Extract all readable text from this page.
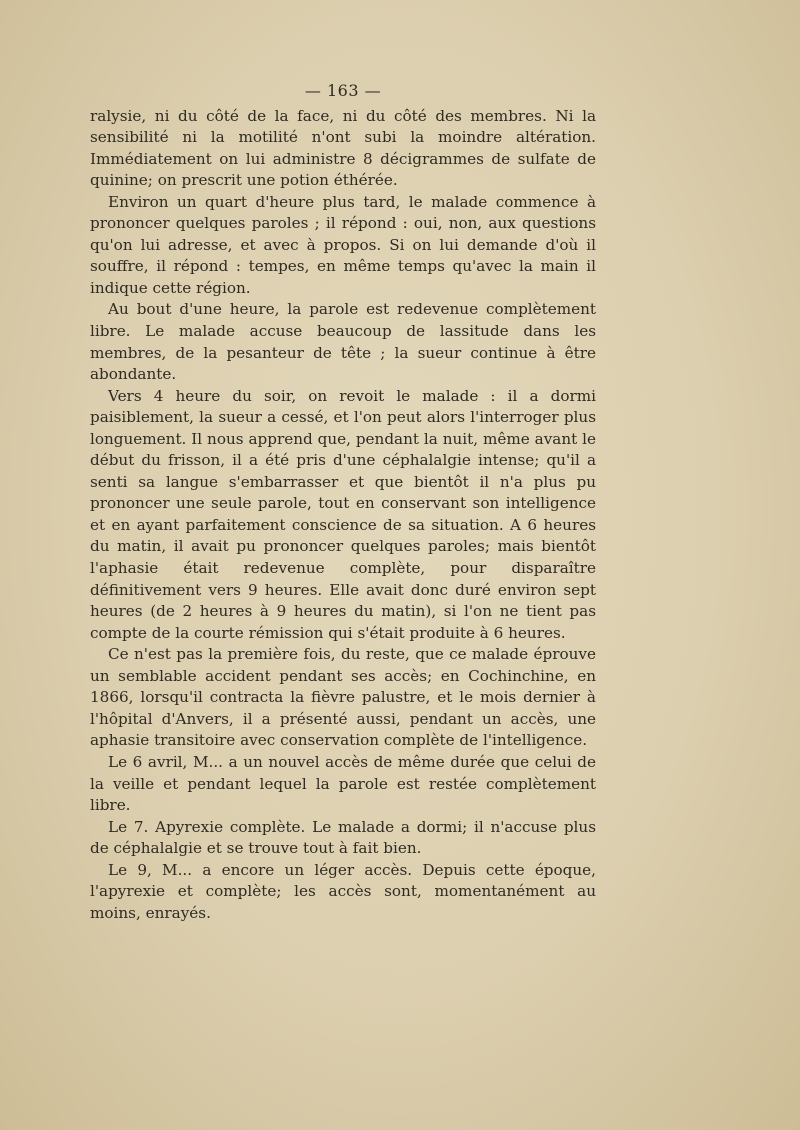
— 163 —

ralysie, ni du côté de la face, ni du côté des membres. Ni la sensibilité ni la motilité n'ont subi la moindre altération. Immédiatement on lui administre 8 décigrammes de sulfate de quinine; on prescrit une potion éthérée.

Environ un quart d'heure plus tard, le malade commence à prononcer quelques paroles ; il répond : oui, non, aux questions qu'on lui adresse, et avec à propos. Si on lui demande d'où il souffre, il répond : tempes, en même temps qu'avec la main il indique cette région.

Au bout d'une heure, la parole est redevenue complètement libre. Le malade accuse beaucoup de lassitude dans les membres, de la pesanteur de tête ; la sueur continue à être abondante.

Vers 4 heure du soir, on revoit le malade : il a dormi paisiblement, la sueur a cessé, et l'on peut alors l'interroger plus longuement. Il nous apprend que, pendant la nuit, même avant le début du frisson, il a été pris d'une céphalalgie intense; qu'il a senti sa langue s'embarrasser et que bientôt il n'a plus pu prononcer une seule parole, tout en conservant son intelligence et en ayant parfaitement conscience de sa situation. A 6 heures du matin, il avait pu prononcer quelques paroles; mais bientôt l'aphasie était redevenue complète, pour disparaître définitivement vers 9 heures. Elle avait donc duré environ sept heures (de 2 heures à 9 heures du matin), si l'on ne tient pas compte de la courte rémission qui s'était produite à 6 heures.

Ce n'est pas la première fois, du reste, que ce malade éprouve un semblable accident pendant ses accès; en Cochinchine, en 1866, lorsqu'il contracta la fièvre palustre, et le mois dernier à l'hôpital d'Anvers, il a présenté aussi, pendant un accès, une aphasie transitoire avec conservation complète de l'intelligence.

Le 6 avril, M... a un nouvel accès de même durée que celui de la veille et pendant lequel la parole est restée complètement libre.

Le 7. Apyrexie complète. Le malade a dormi; il n'accuse plus de céphalalgie et se trouve tout à fait bien.

Le 9, M... a encore un léger accès. Depuis cette époque, l'apyrexie et complète; les accès sont, momentanément au moins, enrayés.
